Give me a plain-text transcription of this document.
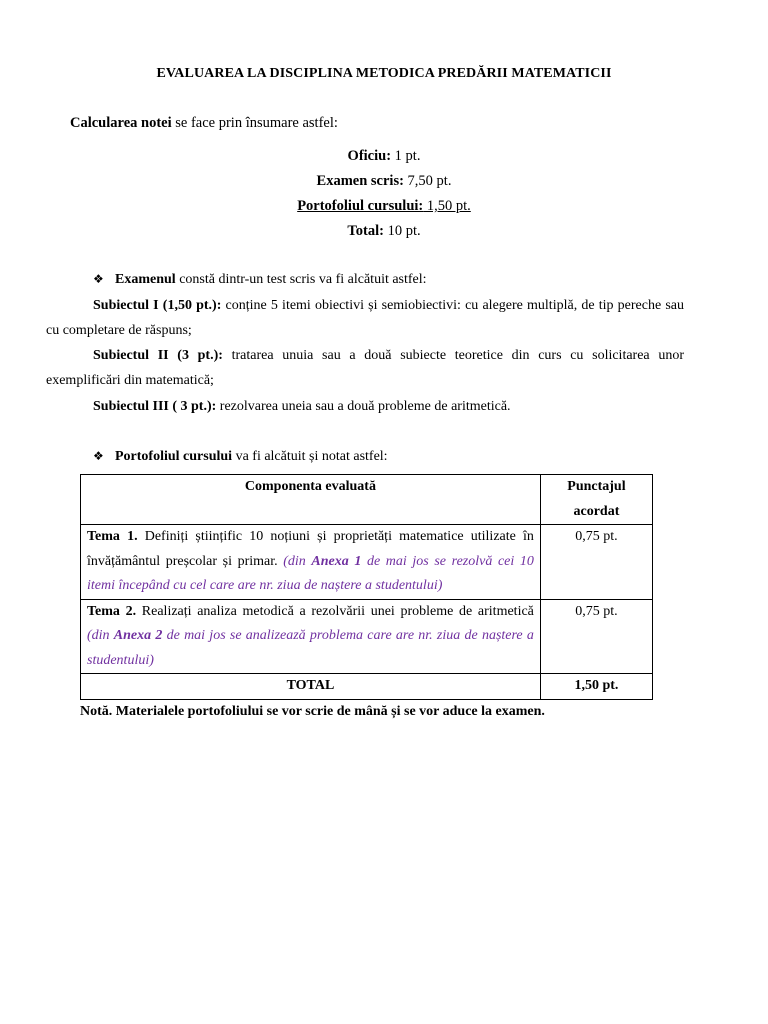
EVALUAREA LA DISCIPLINA METODICA PREDĂRII MATEMATICII
Calcularea notei se face prin însumare astfel:
Oficiu: 1 pt.
Examen scris: 7,50 pt.
Portofoliul cursului: 1,50 pt.
Total: 10 pt.
❖ Examenul constă dintr-un test scris va fi alcătuit astfel:
Subiectul I (1,50 pt.): conține 5 itemi obiectivi și semiobiectivi: cu alegere multiplă, de tip pereche sau cu completare de răspuns;
Subiectul II (3 pt.): tratarea unuia sau a două subiecte teoretice din curs cu solicitarea unor exemplificări din matematică;
Subiectul III ( 3 pt.): rezolvarea uneia sau a două probleme de aritmetică.
❖ Portofoliul cursului va fi alcătuit și notat astfel:
Componenta evaluată	Punctajul acordat
Tema 1. Definiți științific 10 noțiuni și proprietăți matematice utilizate în învățământul preșcolar și primar. (din Anexa 1 de mai jos se rezolvă cei 10 itemi începând cu cel care are nr. ziua de naștere a studentului)	0,75 pt.
Tema 2. Realizați analiza metodică a rezolvării unei probleme de aritmetică (din Anexa 2 de mai jos se analizează problema care are nr. ziua de naștere a studentului)	0,75 pt.
TOTAL	1,50 pt.
Notă. Materialele portofoliului se vor scrie de mână și se vor aduce la examen.
